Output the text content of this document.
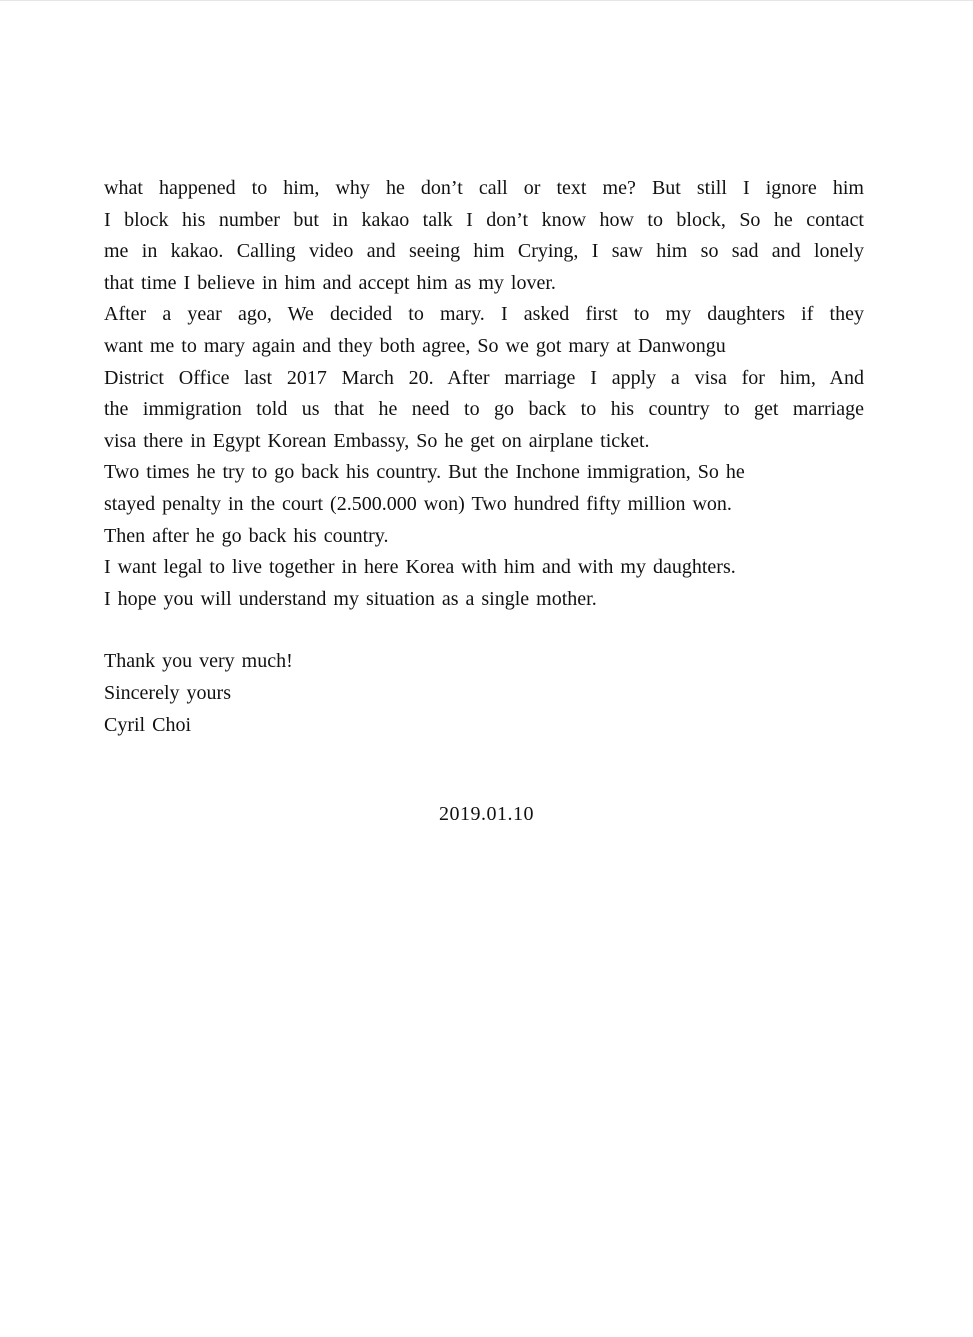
what happened to him, why he don’t call or text me? But still I ignore him
I block his number but in kakao talk I don’t know how to block, So he contact
me in kakao. Calling video and seeing him Crying, I saw him so sad and lonely
that time I believe in him and accept him as my lover.
After a year ago, We decided to mary. I asked first to my daughters if they
want me to mary again and they both agree, So we got mary at Danwongu
District Office last 2017 March 20. After marriage I apply a visa for him, And
the immigration told us that he need to go back to his country to get marriage
visa there in Egypt Korean Embassy, So he get on airplane ticket.
Two times he try to go back his country. But the Inchone immigration, So he
stayed penalty in the court (2.500.000 won) Two hundred fifty million won.
Then after he go back his country.
I want legal to live together in here Korea with him and with my daughters.
I hope you will understand my situation as a single mother.
Thank you very much!
Sincerely yours
Cyril Choi
2019.01.10
